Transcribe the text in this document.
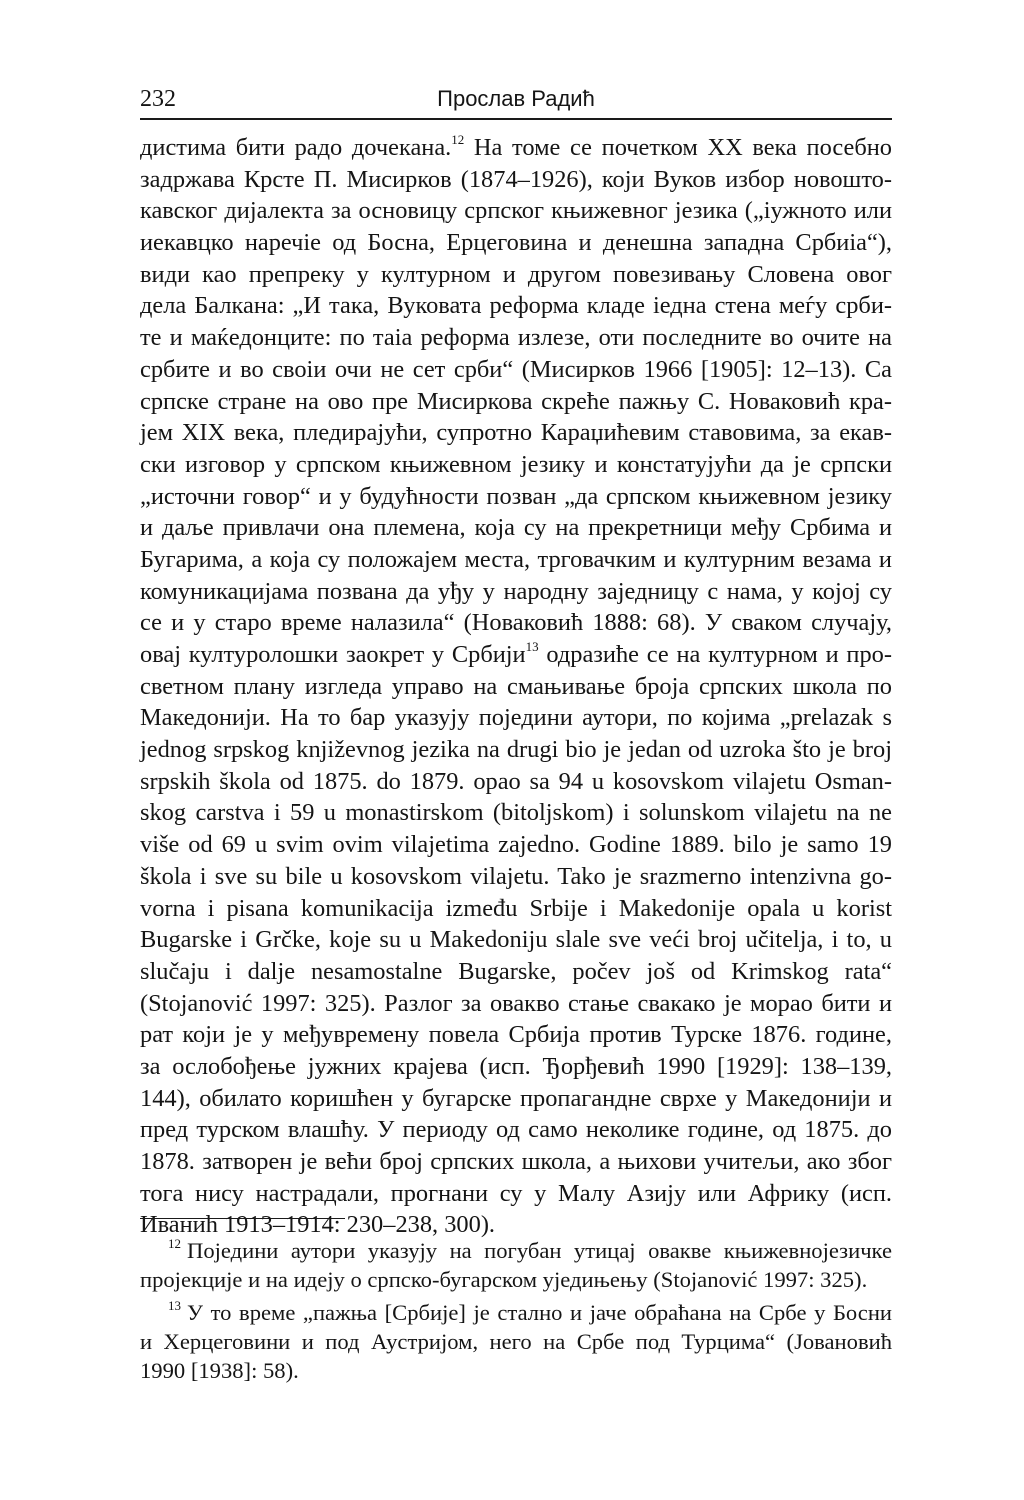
232	Прослав Радић
дистима бити радо дочекана.$^{12}$ На томе се почетком XX века посебно
задржава Крсте П. Мисирков (1874–1926), који Вуков избор новошто-
кавског дијалекта за основицу српског књижевног језика („іужното или
иекавцко наречіе од Босна, Ерцеговина и денешна западна Србиіа“),
види као препреку у културном и другом повезивању Словена овог
дела Балкана: „И така, Вуковата реформа кладе іедна стена меѓу срби-
те и маќедонците: по таіа реформа излезе, оти последните во очите на
србите и во своіи очи не сет срби“ (Мисирков 1966 [1905]: 12–13). Са
српске стране на ово пре Мисиркова скреће пажњу С. Новаковић кра-
јем XIX века, пледирајући, супротно Караџићевим ставовима, за екав-
ски изговор у српском књижевном језику и констатујући да је српски
„источни говор“ и у будућности позван „да српском књижевном језику
и даље привлачи она племена, која су на прекретници међу Србима и
Бугарима, а која су положајем места, трговачким и културним везама и
комуникацијама позвана да уђу у народну заједницу с нама, у којој су
се и у старо време налазила“ (Новаковић 1888: 68). У сваком случају,
овај културолошки заокрет у Србији$^{13}$ одразиће се на културном и про-
светном плану изгледа управо на смањивање броја српских школа по
Македонији. На то бар указују поједини аутори, по којима „prelazak s
jednog srpskog književnog jezika na drugi bio je jedan od uzroka što je broj
srpskih škola od 1875. do 1879. opao sa 94 u kosovskom vilajetu Osman-
skog carstva i 59 u monastirskom (bitoljskom) i solunskom vilajetu na ne
više od 69 u svim ovim vilajetima zajedno. Godine 1889. bilo je samo 19
škola i sve su bile u kosovskom vilajetu. Tako je srazmerno intenzivna go-
vorna i pisana komunikacija između Srbije i Makedonije opala u korist
Bugarske i Grčke, koje su u Makedoniju slale sve veći broj učitelja, i to, u
slučaju i dalje nesamostalne Bugarske, počev još od Krimskog rata“
(Stojanović 1997: 325). Разлог за овакво стање свакако је морао бити и
рат који је у међувремену повела Србија против Турске 1876. године,
за ослобођење јужних крајева (исп. Ђорђевић 1990 [1929]: 138–139,
144), обилато коришћен у бугарске пропагандне сврхе у Македонији и
пред турском влашћу. У периоду од само неколике године, од 1875. до
1878. затворен је већи број српских школа, а њихови учитељи, ако због
тога нису настрадали, прогнани су у Малу Азију или Африку (исп.
Иванић 1913–1914: 230–238, 300).
$^{12}$ Поједини аутори указују на погубан утицај овакве књижевнојезичке
пројекције и на идеју о српско-бугарском уједињењу (Stojanović 1997: 325).
$^{13}$ У то време „пажња [Србије] је стално и јаче обраћана на Србе у Босни
и Херцеговини и под Аустријом, него на Србе под Турцима“ (Јовановић
1990 [1938]: 58).
